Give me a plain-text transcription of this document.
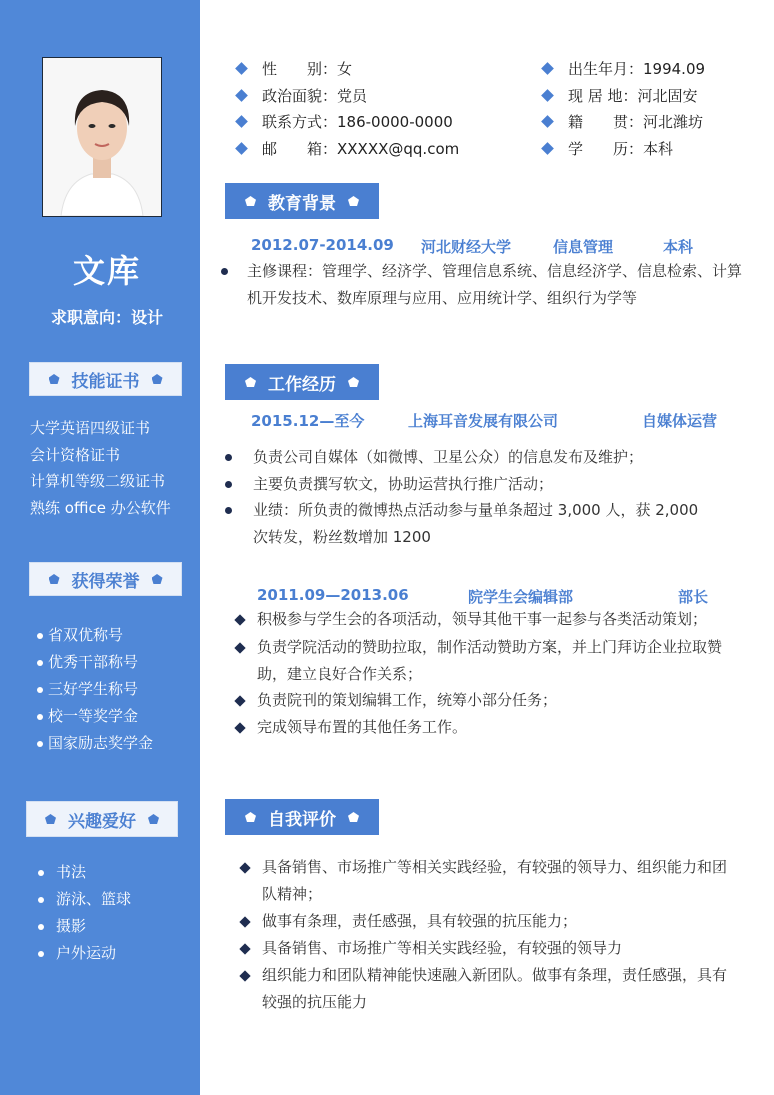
文库
求职意向：设计
技能证书
大学英语四级证书
会计资格证书
计算机等级二级证书
熟练 office 办公软件
获得荣誉
省双优称号
优秀干部称号
三好学生称号
校一等奖学金
国家励志奖学金
兴趣爱好
书法
游泳、篮球
摄影
户外运动
性　　别：女
政治面貌：党员
联系方式：186-0000-0000
邮　　箱：XXXXX@qq.com
出生年月：1994.09
现 居 地：河北固安
籍　　贯：河北潍坊
学　　历：本科
教育背景
2012.07-2014.09 河北财经大学	信息管理	本科
主修课程：管理学、经济学、管理信息系统、信息经济学、信息检索、计算机开发技术、数库原理与应用、应用统计学、组织行为学等
工作经历
2015.12—至今	上海耳音发展有限公司	自媒体运营
负责公司自媒体（如微博、卫星公众）的信息发布及维护；
主要负责撰写软文，协助运营执行推广活动；
业绩：所负责的微博热点活动参与量单条超过 3,000 人，获 2,000 次转发，粉丝数增加 1200
2011.09—2013.06	院学生会编辑部	部长
积极参与学生会的各项活动，领导其他干事一起参与各类活动策划；
负责学院活动的赞助拉取，制作活动赞助方案，并上门拜访企业拉取赞助，建立良好合作关系；
负责院刊的策划编辑工作，统筹小部分任务；
完成领导布置的其他任务工作。
自我评价
具备销售、市场推广等相关实践经验，有较强的领导力、组织能力和团队精神；
做事有条理，责任感强，具有较强的抗压能力；
具备销售、市场推广等相关实践经验，有较强的领导力
组织能力和团队精神能快速融入新团队。做事有条理，责任感强，具有较强的抗压能力
